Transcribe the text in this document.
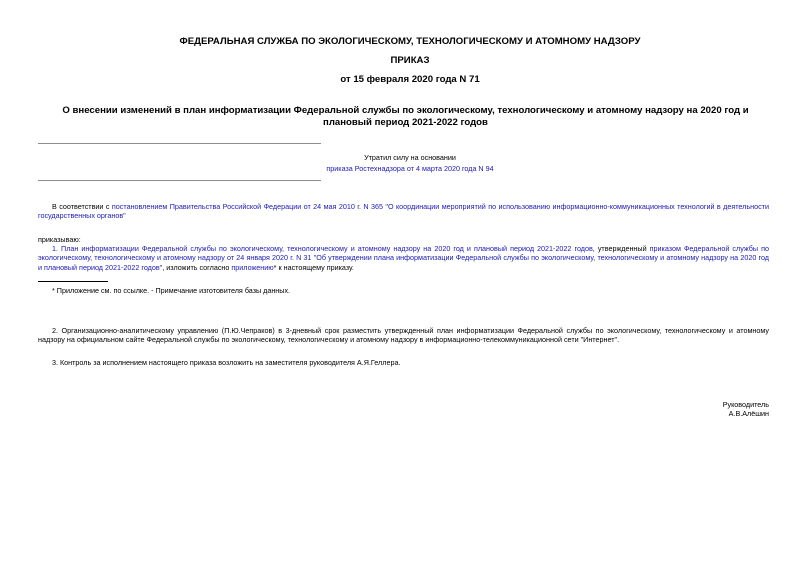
ФЕДЕРАЛЬНАЯ СЛУЖБА ПО ЭКОЛОГИЧЕСКОМУ, ТЕХНОЛОГИЧЕСКОМУ И АТОМНОМУ НАДЗОРУ
ПРИКАЗ
от 15 февраля 2020 года N 71
О внесении изменений в план информатизации Федеральной службы по экологическому, технологическому и атомному надзору на 2020 год и плановый период 2021-2022 годов
Утратил силу на основании
приказа Ростехнадзора от 4 марта 2020 года N 94
В соответствии с постановлением Правительства Российской Федерации от 24 мая 2010 г. N 365 "О координации мероприятий по использованию информационно-коммуникационных технологий в деятельности государственных органов"
приказываю:
1. План информатизации Федеральной службы по экологическому, технологическому и атомному надзору на 2020 год и плановый период 2021-2022 годов, утвержденный приказом Федеральной службы по экологическому, технологическому и атомному надзору от 24 января 2020 г. N 31 "Об утверждении плана информатизации Федеральной службы по экологическому, технологическому и атомному надзору на 2020 год и плановый период 2021-2022 годов", изложить согласно приложению* к настоящему приказу.
* Приложение см. по ссылке. - Примечание изготовителя базы данных.
2. Организационно-аналитическому управлению (П.Ю.Чепраков) в 3-дневный срок разместить утвержденный план информатизации Федеральной службы по экологическому, технологическому и атомному надзору на официальном сайте Федеральной службы по экологическому, технологическому и атомному надзору в информационно-телекоммуникационной сети "Интернет".
3. Контроль за исполнением настоящего приказа возложить на заместителя руководителя А.Я.Геллера.
Руководитель
А.В.Алёшин
